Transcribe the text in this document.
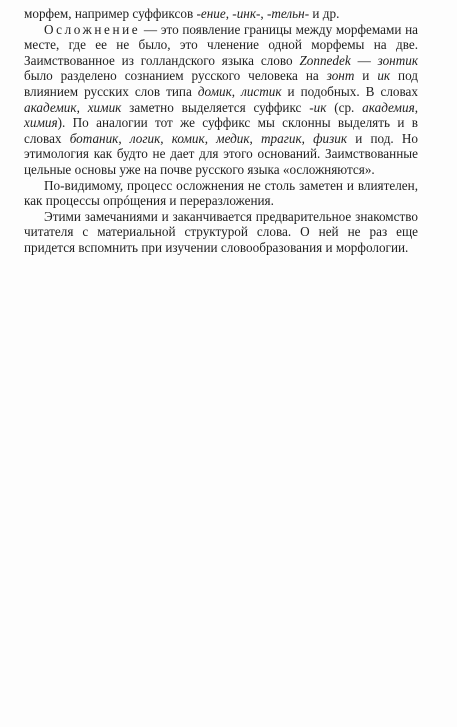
морфем, например суффиксов -ение, -инк-, -тельн- и др.

Осложнение — это появление границы между морфемами на месте, где ее не было, это членение одной морфемы на две. Заимствованное из голландского языка слово Zonnedek — зонтик было разделено сознанием русского человека на зонт и ик под влиянием русских слов типа домик, листик и подобных. В словах академик, химик заметно выделяется суффикс -ик (ср. академия, химия). По аналогии тот же суффикс мы склонны выделять и в словах ботаник, логик, комик, медик, трагик, физик и под. Но этимология как будто не дает для этого оснований. Заимствованные цельные основы уже на почве русского языка «осложняются».

По-видимому, процесс осложнения не столь заметен и влиятелен, как процессы опрóщения и переразложения.

Этими замечаниями и заканчивается предварительное знакомство читателя с материальной структурой слова. О ней не раз еще придется вспомнить при изучении словообразования и морфологии.
